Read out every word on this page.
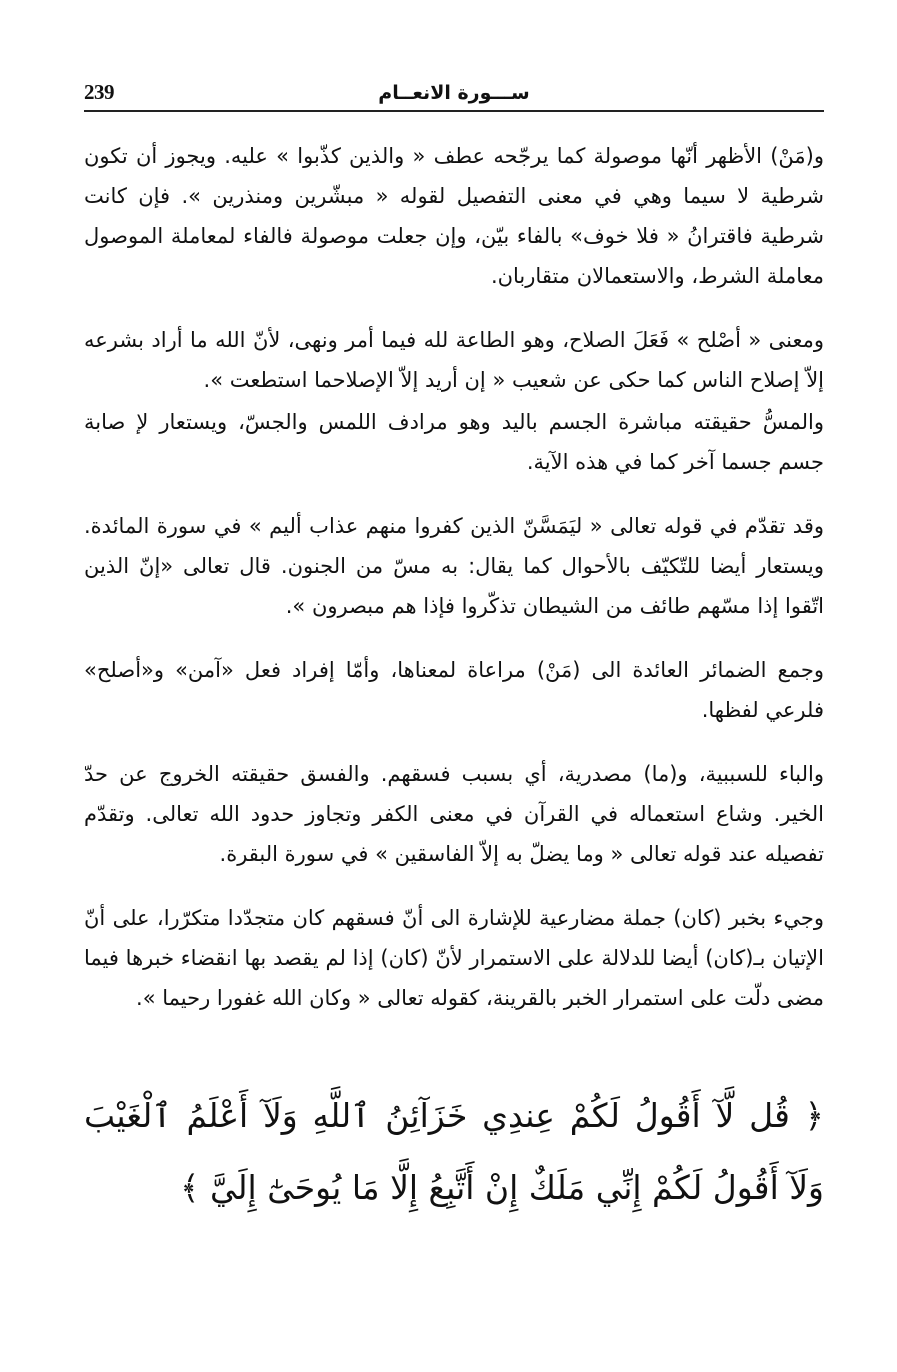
239	ســـورة الانعــام

و(مَنْ) الأظهر أنّها موصولة كما يرجّحه عطف « والذين كذّبوا » عليه. ويجوز أن تكون شرطية لا سيما وهي في معنى التفصيل لقوله « مبشّرين ومنذرين ». فإن كانت شرطية فاقترانُ « فلا خوف» بالفاء بيّن، وإن جعلت موصولة فالفاء لمعاملة الموصول معاملة الشرط، والاستعمالان متقاربان.

ومعنى « أصْلح » فَعَلَ الصلاح، وهو الطاعة لله فيما أمر ونهى، لأنّ الله ما أراد بشرعه إلاّ إصلاح الناس كما حكى عن شعيب « إن أريد إلاّ الإصلاحما استطعت ».

والمسُّ حقيقته مباشرة الجسم باليد وهو مرادف اللمس والجسّ، ويستعار لإ صابة جسم جسما آخر كما في هذه الآية.

وقد تقدّم في قوله تعالى « ليَمَسَّنّ الذين كفروا منهم عذاب أليم » في سورة المائدة. ويستعار أيضا للتّكيّف بالأحوال كما يقال: به مسّ من الجنون. قال تعالى «إنّ الذين اتّقوا إذا مسّهم طائف من الشيطان تذكّروا فإذا هم مبصرون ».

وجمع الضمائر العائدة الى (مَنْ) مراعاة لمعناها، وأمّا إفراد فعل «آمن» و«أصلح» فلرعي لفظها.

والباء للسببية، و(ما) مصدرية، أي بسبب فسقهم. والفسق حقيقته الخروج عن حدّ الخير. وشاع استعماله في القرآن في معنى الكفر وتجاوز حدود الله تعالى. وتقدّم تفصيله عند قوله تعالى « وما يضلّ به إلاّ الفاسقين » في سورة البقرة.

وجيء بخبر (كان) جملة مضارعية للإشارة الى أنّ فسقهم كان متجدّدا متكرّرا، على أنّ الإتيان بـ(كان) أيضا للدلالة على الاستمرار لأنّ (كان) إذا لم يقصد بها انقضاء خبرها فيما مضى دلّت على استمرار الخبر بالقرينة، كقوله تعالى « وكان الله غفورا رحيما ».

﴿ قُل لَّآ أَقُولُ لَكُمْ عِندِي خَزَآئِنُ ٱللَّهِ وَلَآ أَعْلَمُ ٱلْغَيْبَ وَلَآ أَقُولُ لَكُمْ إِنِّي مَلَكٌ إِنْ أَتَّبِعُ إِلَّا مَا يُوحَىٰٓ إِلَيَّ ﴾
